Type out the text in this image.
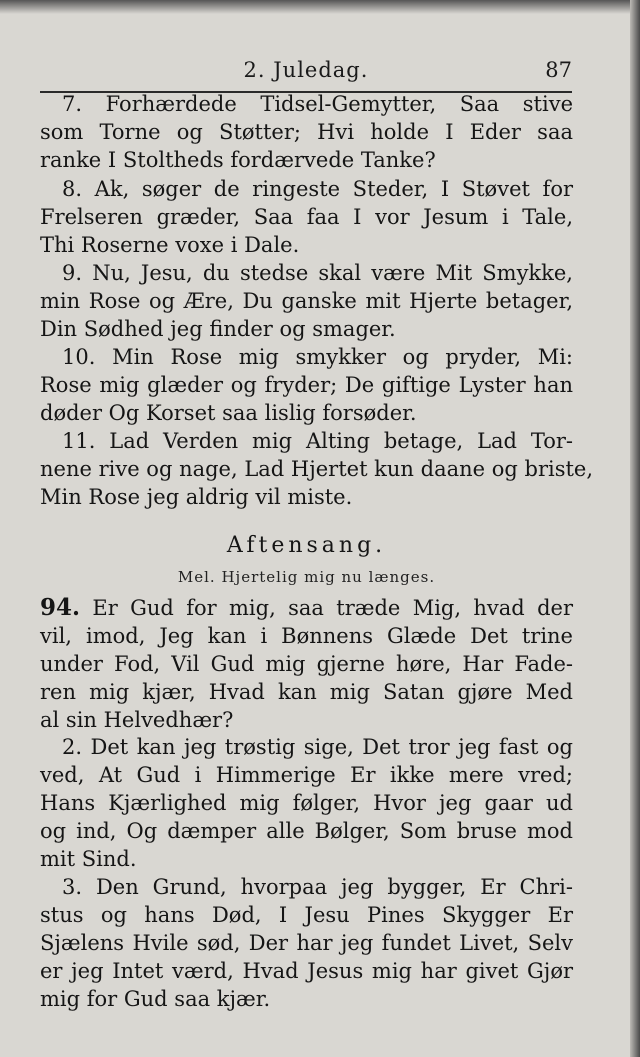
2. Juledag.	87
7. Forhærdede Tidsel-Gemytter, Saa stive
som Torne og Støtter; Hvi holde I Eder saa
ranke I Stoltheds fordærvede Tanke?
8. Ak, søger de ringeste Steder, I Støvet for
Frelseren græder, Saa faa I vor Jesum i Tale,
Thi Roserne voxe i Dale.
9. Nu, Jesu, du stedse skal være Mit Smykke,
min Rose og Ære, Du ganske mit Hjerte betager,
Din Sødhed jeg finder og smager.
10. Min Rose mig smykker og pryder, Mi:
Rose mig glæder og fryder; De giftige Lyster han
døder Og Korset saa lislig forsøder.
11. Lad Verden mig Alting betage, Lad Tor-
nene rive og nage, Lad Hjertet kun daane og briste,
Min Rose jeg aldrig vil miste.
Aftensang.
Mel. Hjertelig mig nu længes.
94. Er Gud for mig, saa træde Mig, hvad der
vil, imod, Jeg kan i Bønnens Glæde Det trine
under Fod, Vil Gud mig gjerne høre, Har Fade-
ren mig kjær, Hvad kan mig Satan gjøre Med
al sin Helvedhær?
2. Det kan jeg trøstig sige, Det tror jeg fast og
ved, At Gud i Himmerige Er ikke mere vred;
Hans Kjærlighed mig følger, Hvor jeg gaar ud
og ind, Og dæmper alle Bølger, Som bruse mod
mit Sind.
3. Den Grund, hvorpaa jeg bygger, Er Chri-
stus og hans Død, I Jesu Pines Skygger Er
Sjælens Hvile sød, Der har jeg fundet Livet, Selv
er jeg Intet værd, Hvad Jesus mig har givet Gjør
mig for Gud saa kjær.
